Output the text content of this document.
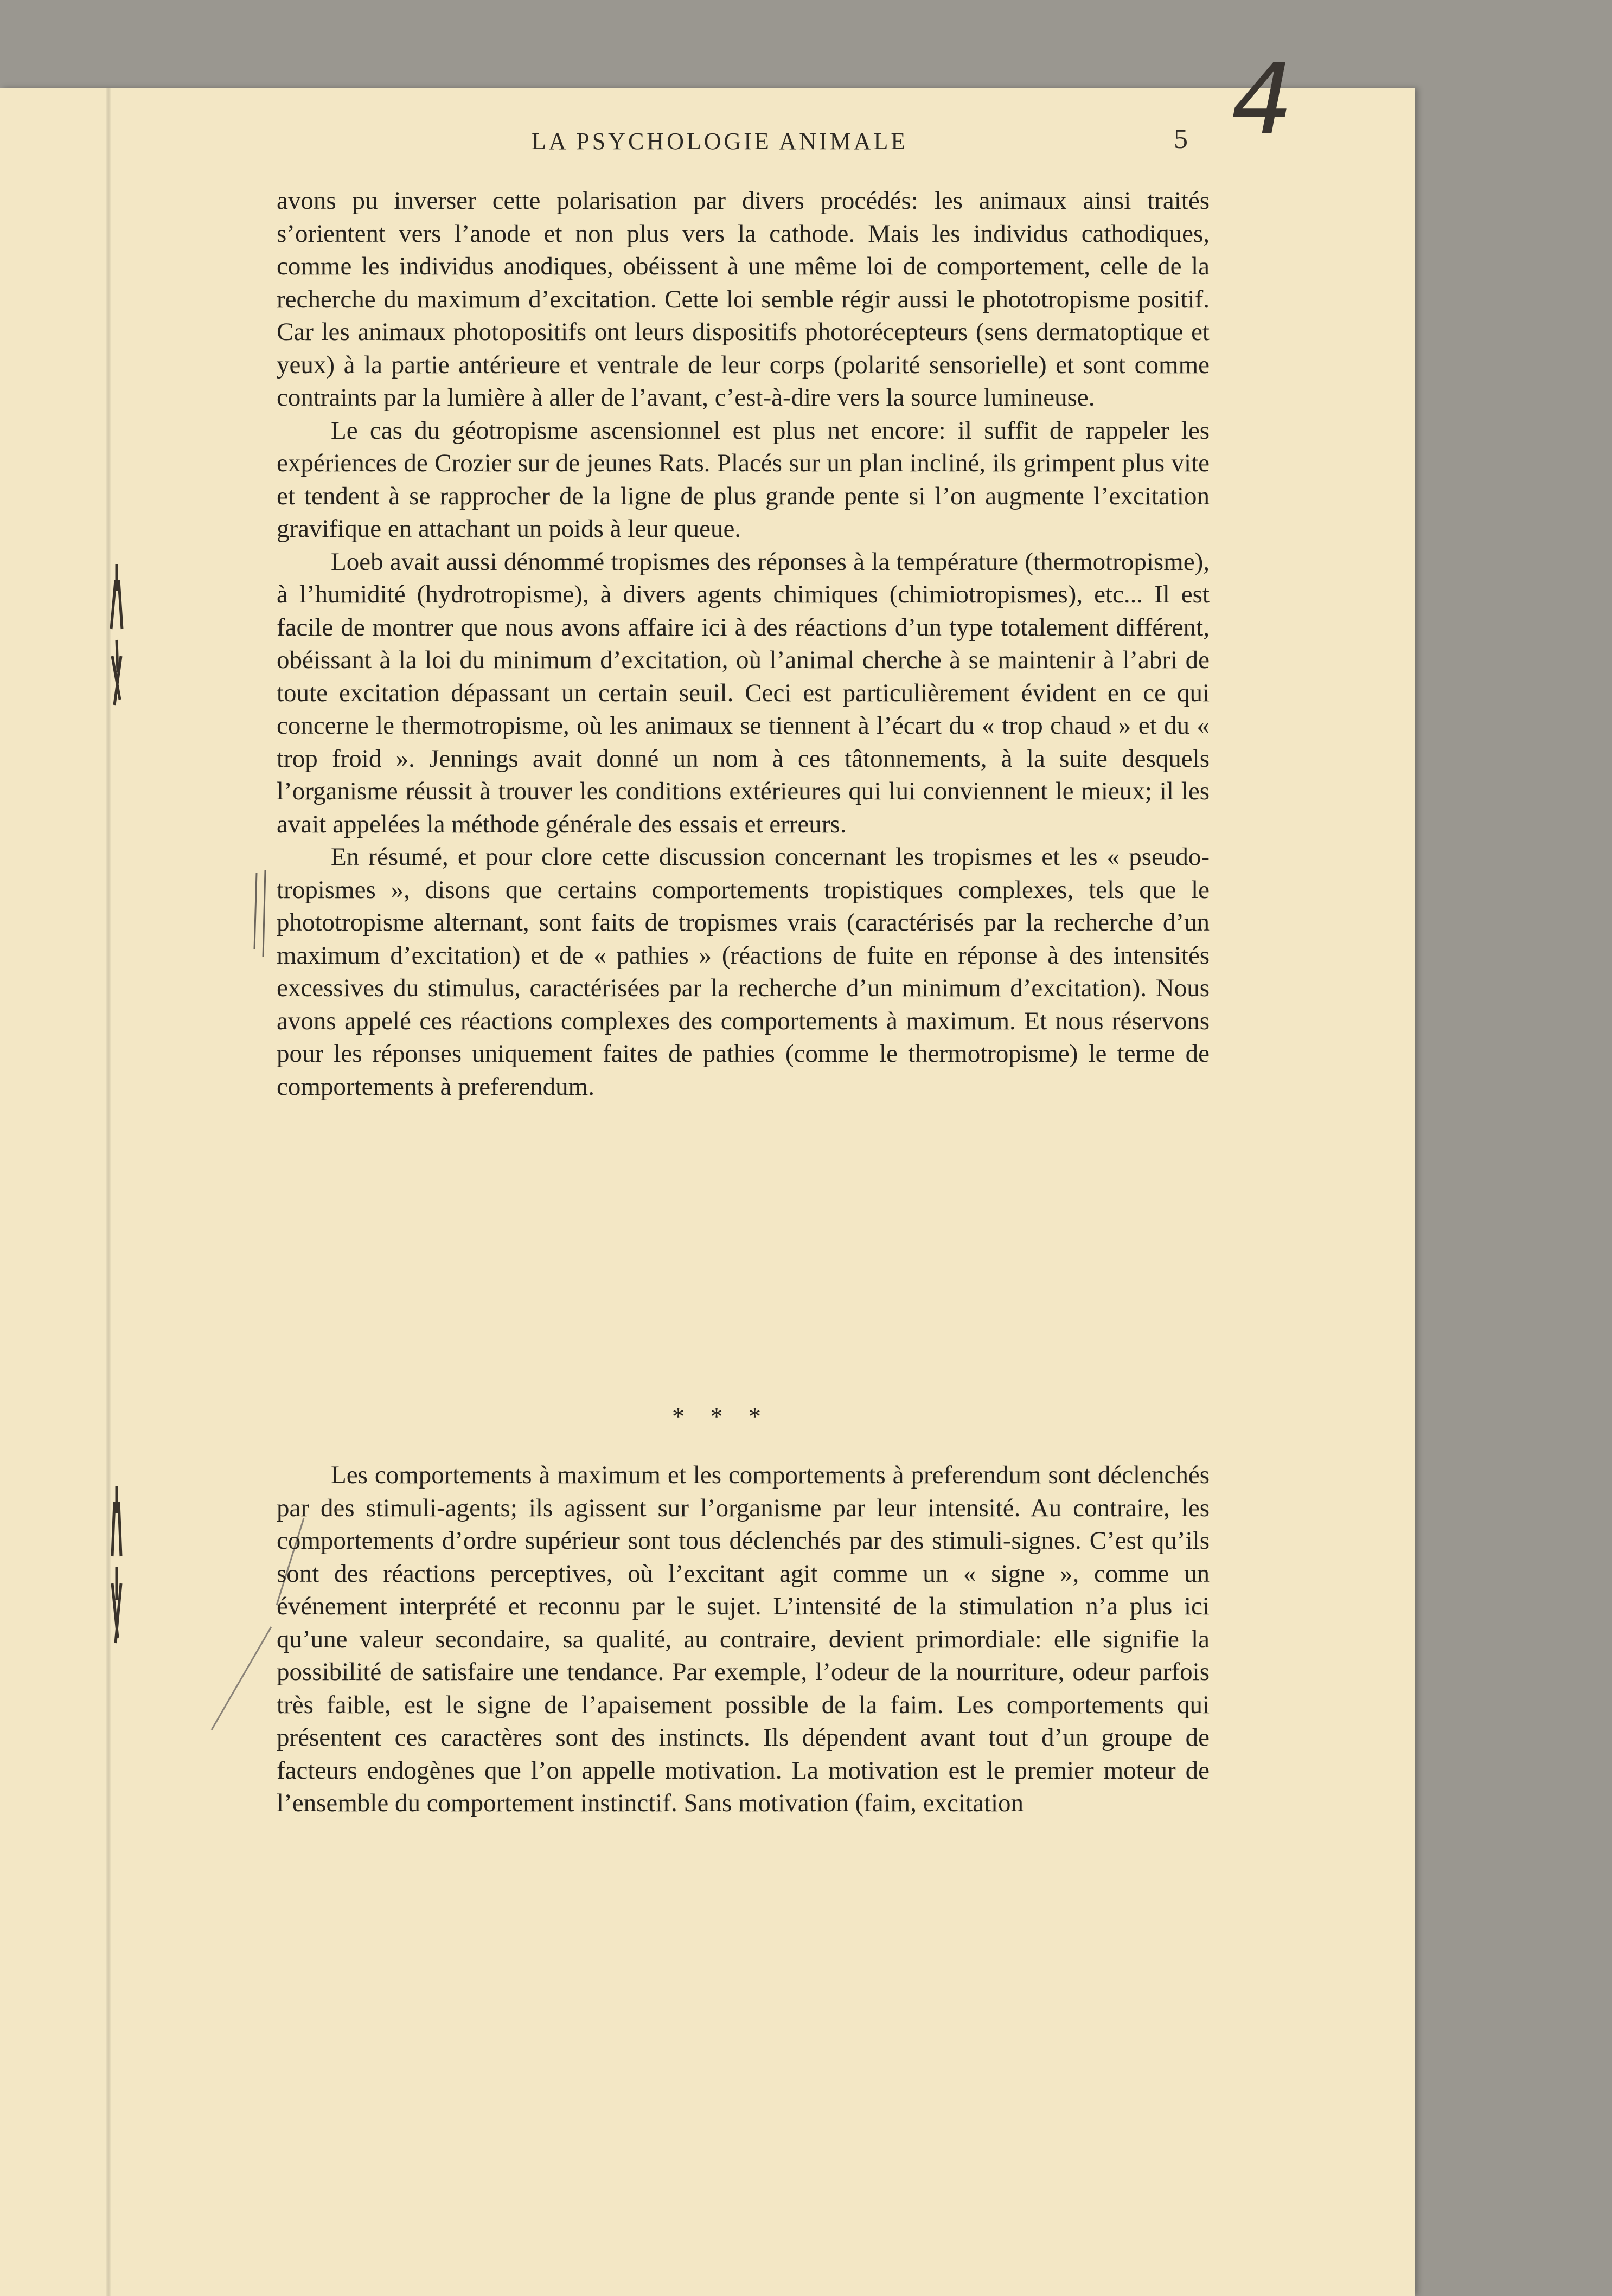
4
LA PSYCHOLOGIE ANIMALE	5

avons pu inverser cette polarisation par divers procédés: les animaux ainsi traités s’orientent vers l’anode et non plus vers la cathode. Mais les individus cathodiques, comme les individus anodiques, obéissent à une même loi de comportement, celle de la recherche du maximum d’excitation. Cette loi semble régir aussi le phototropisme positif. Car les animaux photopositifs ont leurs dispositifs photorécepteurs (sens dermatoptique et yeux) à la partie antérieure et ventrale de leur corps (polarité sensorielle) et sont comme contraints par la lumière à aller de l’avant, c’est-à-dire vers la source lumineuse.

Le cas du géotropisme ascensionnel est plus net encore: il suffit de rappeler les expériences de Crozier sur de jeunes Rats. Placés sur un plan incliné, ils grimpent plus vite et tendent à se rapprocher de la ligne de plus grande pente si l’on augmente l’excitation gravifique en attachant un poids à leur queue.

Loeb avait aussi dénommé tropismes des réponses à la température (thermotropisme), à l’humidité (hydrotropisme), à divers agents chimiques (chimiotropismes), etc... Il est facile de montrer que nous avons affaire ici à des réactions d’un type totalement différent, obéissant à la loi du minimum d’excitation, où l’animal cherche à se maintenir à l’abri de toute excitation dépassant un certain seuil. Ceci est particulièrement évident en ce qui concerne le thermotropisme, où les animaux se tiennent à l’écart du « trop chaud » et du « trop froid ». Jennings avait donné un nom à ces tâtonnements, à la suite desquels l’organisme réussit à trouver les conditions extérieures qui lui conviennent le mieux; il les avait appelées la méthode générale des essais et erreurs.

En résumé, et pour clore cette discussion concernant les tropismes et les « pseudo-tropismes », disons que certains comportements tropistiques complexes, tels que le phototropisme alternant, sont faits de tropismes vrais (caractérisés par la recherche d’un maximum d’excitation) et de « pathies » (réactions de fuite en réponse à des intensités excessives du stimulus, caractérisées par la recherche d’un minimum d’excitation). Nous avons appelé ces réactions complexes des comportements à maximum. Et nous réservons pour les réponses uniquement faites de pathies (comme le thermotropisme) le terme de comportements à preferendum.

* * *

Les comportements à maximum et les comportements à preferendum sont déclenchés par des stimuli-agents; ils agissent sur l’organisme par leur intensité. Au contraire, les comportements d’ordre supérieur sont tous déclenchés par des stimuli-signes. C’est qu’ils sont des réactions perceptives, où l’excitant agit comme un « signe », comme un événement interprété et reconnu par le sujet. L’intensité de la stimulation n’a plus ici qu’une valeur secondaire, sa qualité, au contraire, devient primordiale: elle signifie la possibilité de satisfaire une tendance. Par exemple, l’odeur de la nourriture, odeur parfois très faible, est le signe de l’apaisement possible de la faim. Les comportements qui présentent ces caractères sont des instincts. Ils dépendent avant tout d’un groupe de facteurs endogènes que l’on appelle motivation. La motivation est le premier moteur de l’ensemble du comportement instinctif. Sans motivation (faim, excitation
